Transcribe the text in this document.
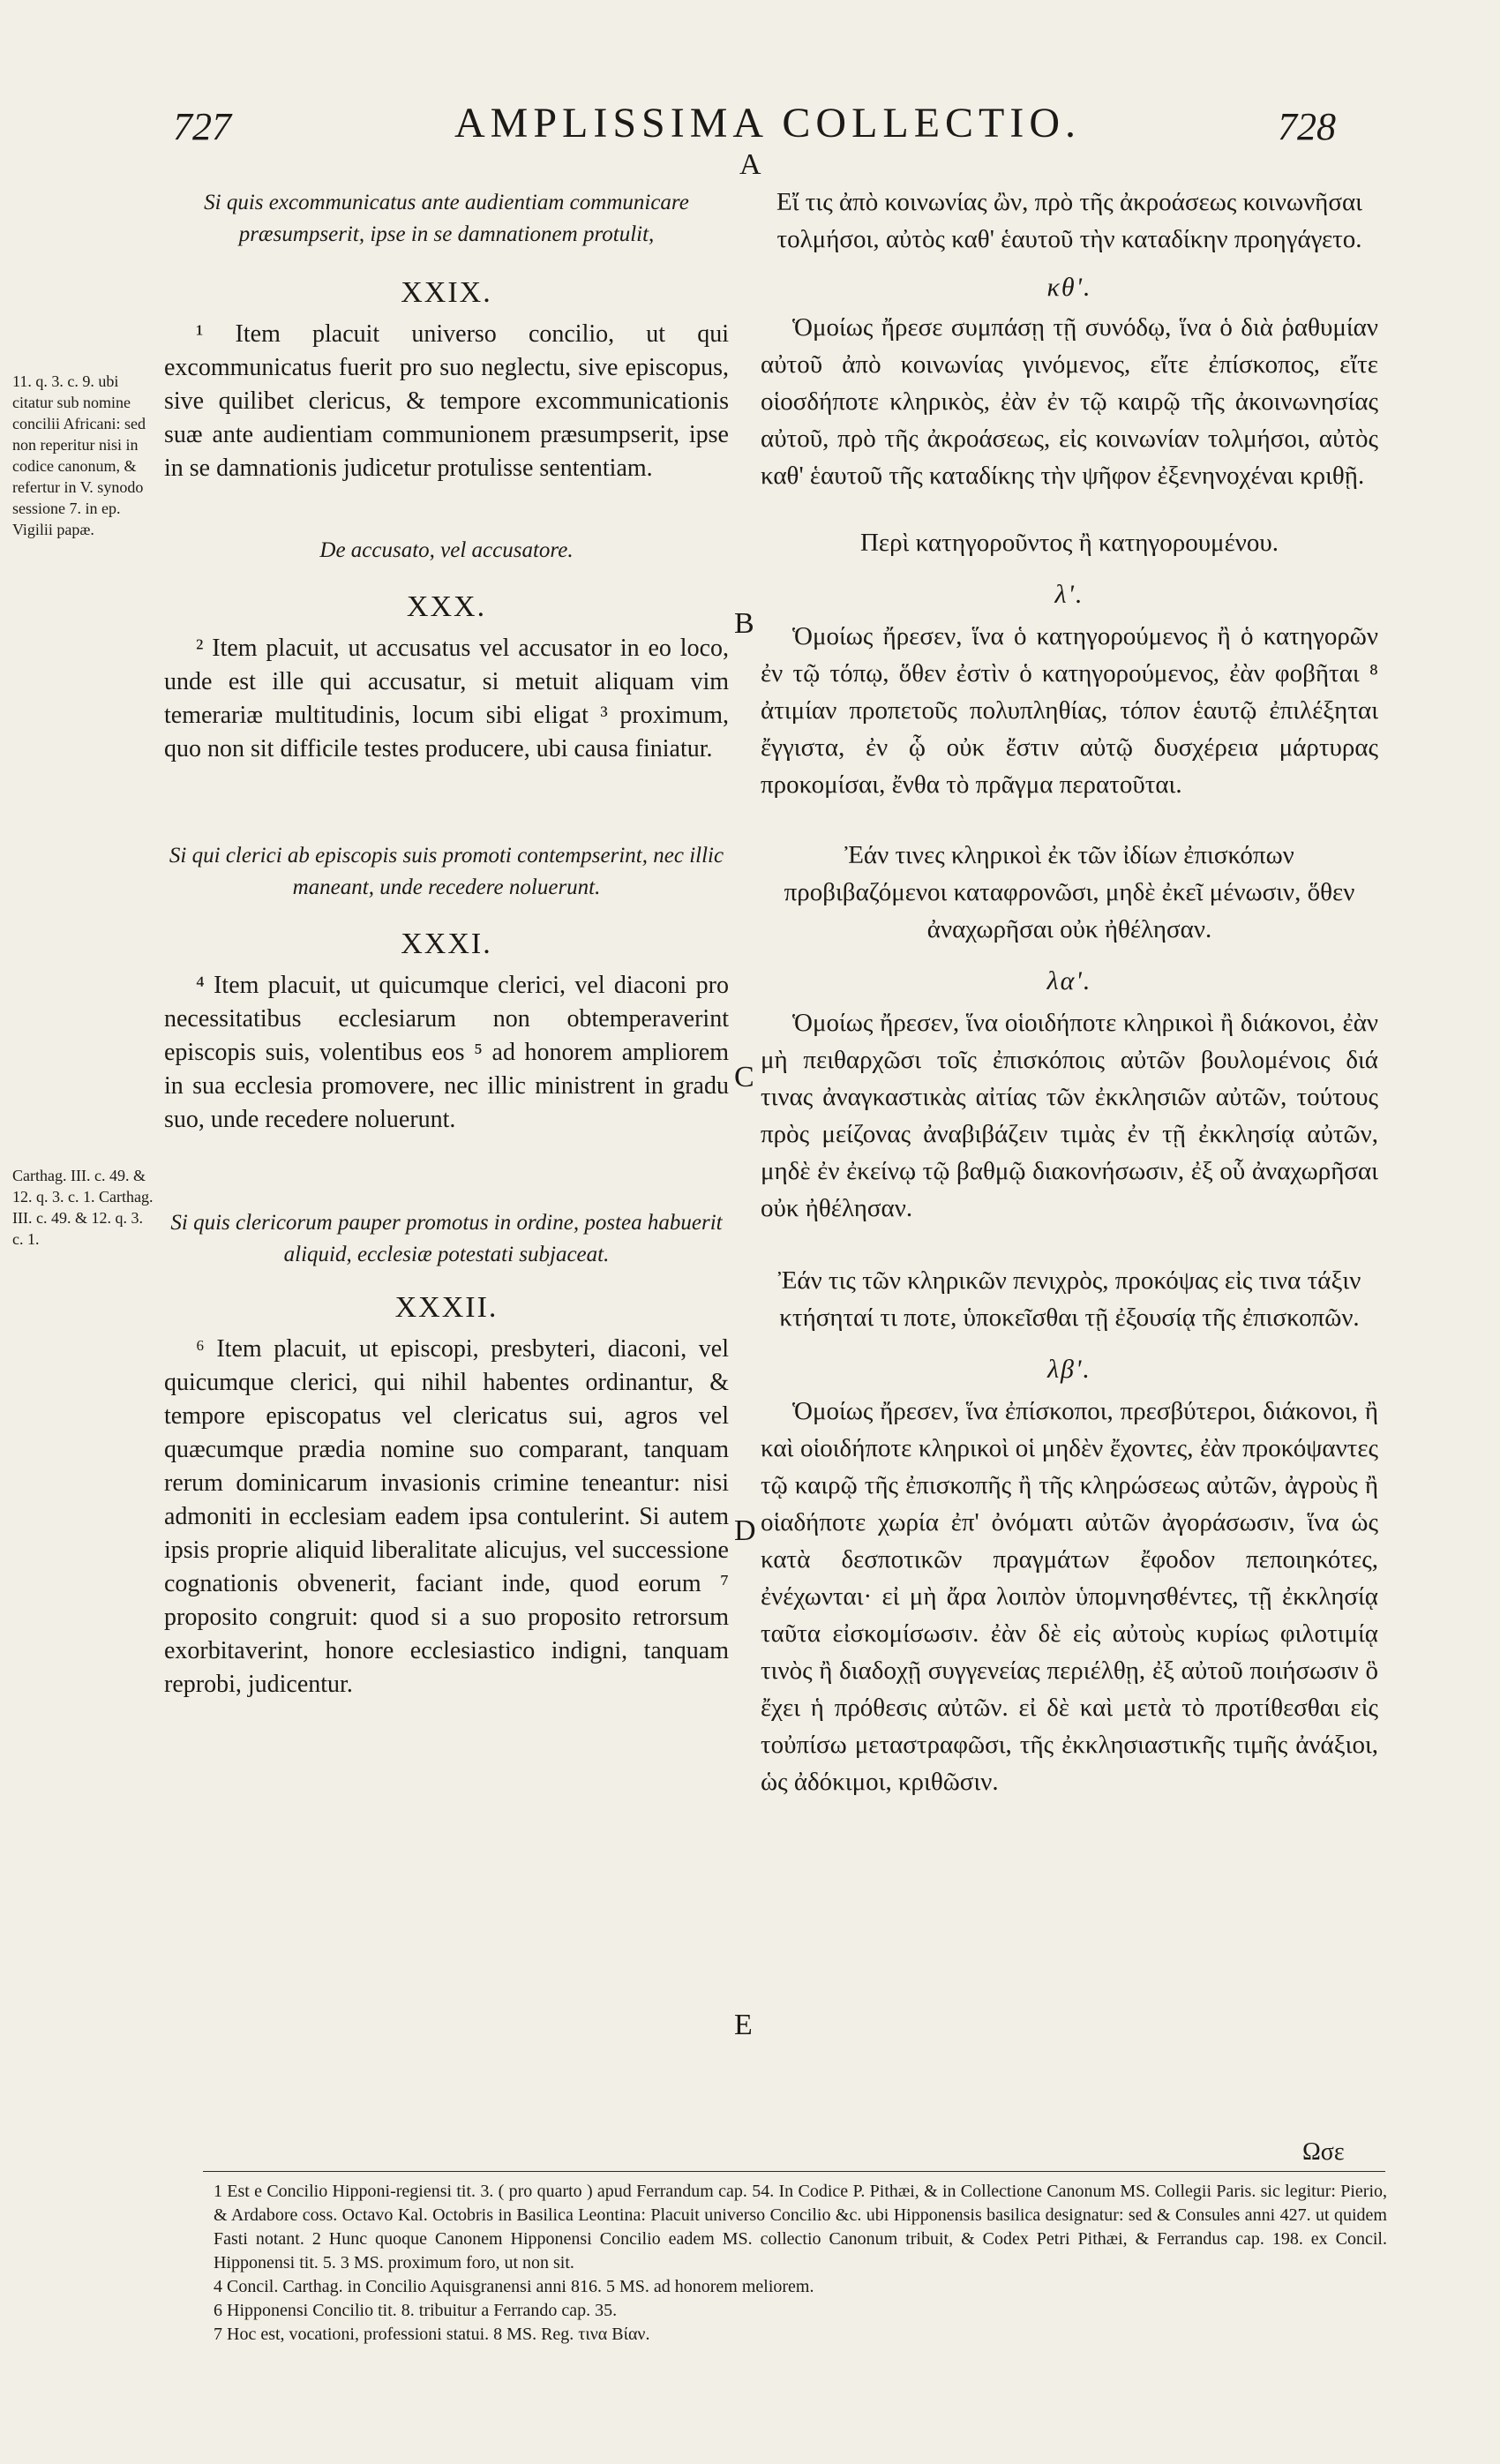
727	AMPLISSIMA COLLECTIO.	728
A
B
C
D
E
11. q. 3. c. 9. ubi citatur sub nomine concilii Africani: sed non reperitur nisi in codice canonum, & refertur in V. synodo sessione 7. in ep. Vigilii papæ.
Carthag. III. c. 49. & 12. q. 3. c. 1. Carthag. III. c. 49. & 12. q. 3. c. 1.
Si quis excommunicatus ante audientiam communicare præsumpserit, ipse in se damnationem protulit,
XXIX.
¹ Item placuit universo concilio, ut qui excommunicatus fuerit pro suo neglectu, sive episcopus, sive quilibet clericus, & tempore excommunicationis suæ ante audientiam communionem præsumpserit, ipse in se damnationis judicetur protulisse sententiam.
De accusato, vel accusatore.
XXX.
² Item placuit, ut accusatus vel accusator in eo loco, unde est ille qui accusatur, si metuit aliquam vim temerariæ multitudinis, locum sibi eligat ³ proximum, quo non sit difficile testes producere, ubi causa finiatur.
Si qui clerici ab episcopis suis promoti contempserint, nec illic maneant, unde recedere noluerunt.
XXXI.
⁴ Item placuit, ut quicumque clerici, vel diaconi pro necessitatibus ecclesiarum non obtemperaverint episcopis suis, volentibus eos ⁵ ad honorem ampliorem in sua ecclesia promovere, nec illic ministrent in gradu suo, unde recedere noluerunt.
Si quis clericorum pauper promotus in ordine, postea habuerit aliquid, ecclesiæ potestati subjaceat.
XXXII.
⁶ Item placuit, ut episcopi, presbyteri, diaconi, vel quicumque clerici, qui nihil habentes ordinantur, & tempore episcopatus vel clericatus sui, agros vel quæcumque prædia nomine suo comparant, tanquam rerum dominicarum invasionis crimine teneantur: nisi admoniti in ecclesiam eadem ipsa contulerint. Si autem ipsis proprie aliquid liberalitate alicujus, vel successione cognationis obvenerit, faciant inde, quod eorum ⁷ proposito congruit: quod si a suo proposito retrorsum exorbitaverint, honore ecclesiastico indigni, tanquam reprobi, judicentur.
Εἴ τις ἀπὸ κοινωνίας ὢν, πρὸ τῆς ἀκροάσεως κοινωνῆσαι τολμήσοι, αὐτὸς καθ' ἑαυτοῦ τὴν καταδίκην προηγάγετο.
κθ'.
Ὁμοίως ἤρεσε συμπάσῃ τῇ συνόδῳ, ἵνα ὁ διὰ ῥαθυμίαν αὐτοῦ ἀπὸ κοινωνίας γινόμενος, εἴτε ἐπίσκοπος, εἴτε οἱοσδήποτε κληρικὸς, ἐὰν ἐν τῷ καιρῷ τῆς ἀκοινωνησίας αὐτοῦ, πρὸ τῆς ἀκροάσεως, εἰς κοινωνίαν τολμήσοι, αὐτὸς καθ' ἑαυτοῦ τῆς καταδίκης τὴν ψῆφον ἐξενηνοχέναι κριθῇ.
Περὶ κατηγοροῦντος ἢ κατηγορουμένου.
λ'.
Ὁμοίως ἤρεσεν, ἵνα ὁ κατηγορούμενος ἢ ὁ κατηγορῶν ἐν τῷ τόπῳ, ὅθεν ἐστὶν ὁ κατηγορούμενος, ἐὰν φοβῆται ⁸ ἀτιμίαν προπετοῦς πολυπληθίας, τόπον ἑαυτῷ ἐπιλέξηται ἔγγιστα, ἐν ᾧ οὐκ ἔστιν αὐτῷ δυσχέρεια μάρτυρας προκομίσαι, ἔνθα τὸ πρᾶγμα περατοῦται.
Ἐάν τινες κληρικοὶ ἐκ τῶν ἰδίων ἐπισκόπων προβιβαζόμενοι καταφρονῶσι, μηδὲ ἐκεῖ μένωσιν, ὅθεν ἀναχωρῆσαι οὐκ ἠθέλησαν.
λα'.
Ὁμοίως ἤρεσεν, ἵνα οἱοιδήποτε κληρικοὶ ἢ διάκονοι, ἐὰν μὴ πειθαρχῶσι τοῖς ἐπισκόποις αὐτῶν βουλομένοις διά τινας ἀναγκαστικὰς αἰτίας τῶν ἐκκλησιῶν αὐτῶν, τούτους πρὸς μείζονας ἀναβιβάζειν τιμὰς ἐν τῇ ἐκκλησίᾳ αὐτῶν, μηδὲ ἐν ἐκείνῳ τῷ βαθμῷ διακονήσωσιν, ἐξ οὗ ἀναχωρῆσαι οὐκ ἠθέλησαν.
Ἐάν τις τῶν κληρικῶν πενιχρὸς, προκόψας εἰς τινα τάξιν κτήσηταί τι ποτε, ὑποκεῖσθαι τῇ ἐξουσίᾳ τῆς ἐπισκοπῶν.
λβ'.
Ὁμοίως ἤρεσεν, ἵνα ἐπίσκοποι, πρεσβύτεροι, διάκονοι, ἢ καὶ οἱοιδήποτε κληρικοὶ οἱ μηδὲν ἔχοντες, ἐὰν προκόψαντες τῷ καιρῷ τῆς ἐπισκοπῆς ἢ τῆς κληρώσεως αὐτῶν, ἀγροὺς ἢ οἱαδήποτε χωρία ἐπ' ὀνόματι αὐτῶν ἀγοράσωσιν, ἵνα ὡς κατὰ δεσποτικῶν πραγμάτων ἔφοδον πεποιηκότες, ἐνέχωνται· εἰ μὴ ἄρα λοιπὸν ὑπομνησθέντες, τῇ ἐκκλησίᾳ ταῦτα εἰσκομίσωσιν. ἐὰν δὲ εἰς αὐτοὺς κυρίως φιλοτιμίᾳ τινὸς ἢ διαδοχῇ συγγενείας περιέλθῃ, ἐξ αὐτοῦ ποιήσωσιν ὃ ἔχει ἡ πρόθεσις αὐτῶν. εἰ δὲ καὶ μετὰ τὸ προτίθεσθαι εἰς τοὐπίσω μεταστραφῶσι, τῆς ἐκκλησιαστικῆς τιμῆς ἀνάξιοι, ὡς ἀδόκιμοι, κριθῶσιν.
Ωσε

1 Est e Concilio Hipponi-regiensi tit. 3. ( pro quarto ) apud Ferrandum cap. 54. In Codice P. Pithæi, & in Collectione Canonum MS. Collegii Paris. sic legitur: Pierio, & Ardabore coss. Octavo Kal. Octobris in Basilica Leontina: Placuit universo Concilio &c. ubi Hipponensis basilica designatur: sed & Consules anni 427. ut quidem Fasti notant. 2 Hunc quoque Canonem Hipponensi Concilio eadem MS. collectio Canonum tribuit, & Codex Petri Pithæi, & Ferrandus cap. 198. ex Concil. Hipponensi tit. 5. 3 MS. proximum foro, ut non sit.

4 Concil. Carthag. in Concilio Aquisgranensi anni 816. 5 MS. ad honorem meliorem.

6 Hipponensi Concilio tit. 8. tribuitur a Ferrando cap. 35.

7 Hoc est, vocationi, professioni statui. 8 MS. Reg. τινα Βίαν.
